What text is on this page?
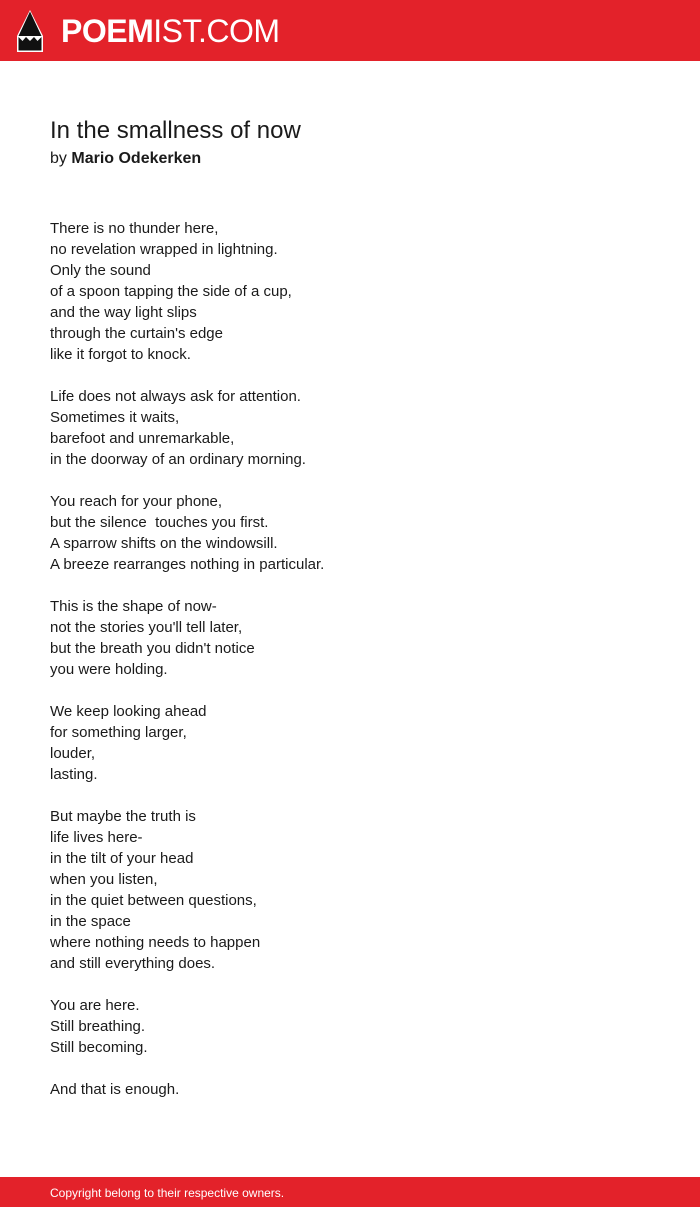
POEMIST.COM
In the smallness of now
by Mario Odekerken
There is no thunder here,
no revelation wrapped in lightning.
Only the sound
of a spoon tapping the side of a cup,
and the way light slips
through the curtain's edge
like it forgot to knock.
Life does not always ask for attention.
Sometimes it waits,
barefoot and unremarkable,
in the doorway of an ordinary morning.
You reach for your phone,
but the silence  touches you first.
A sparrow shifts on the windowsill.
A breeze rearranges nothing in particular.
This is the shape of now-
not the stories you'll tell later,
but the breath you didn't notice
you were holding.
We keep looking ahead
for something larger,
louder,
lasting.
But maybe the truth is
life lives here-
in the tilt of your head
when you listen,
in the quiet between questions,
in the space
where nothing needs to happen
and still everything does.
You are here.
Still breathing.
Still becoming.
And that is enough.
Copyright belong to their respective owners.
